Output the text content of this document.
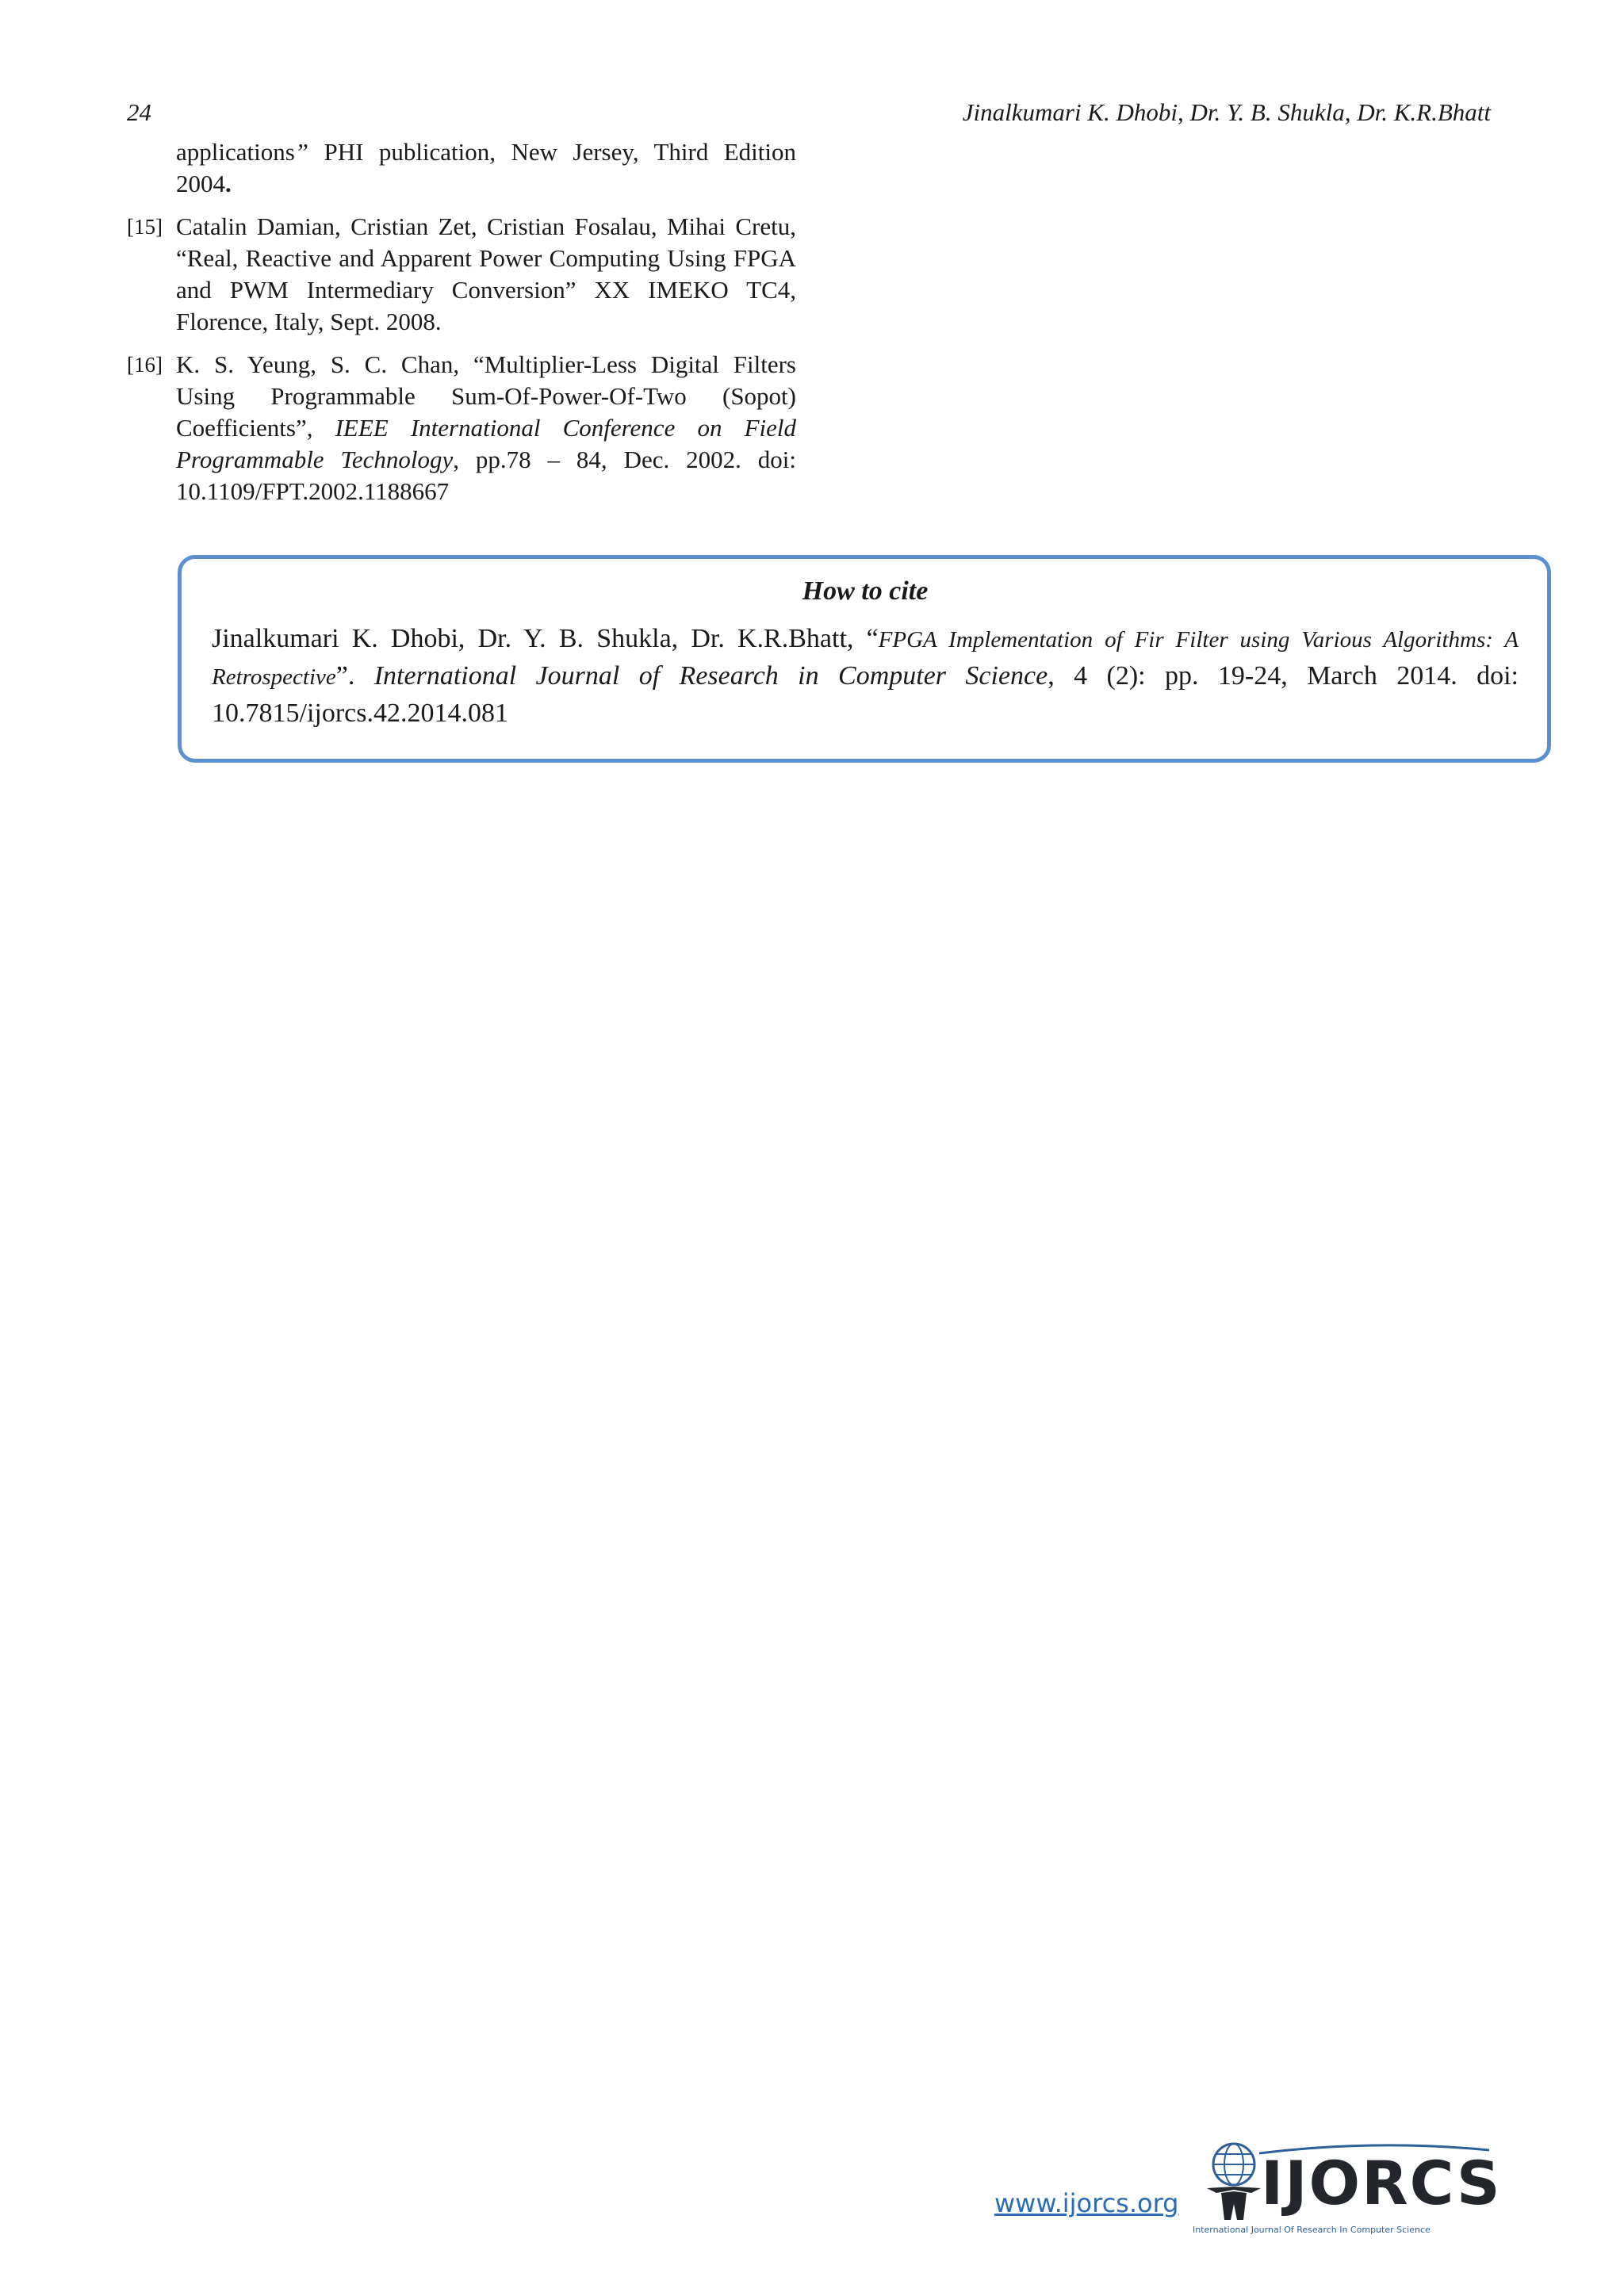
24	Jinalkumari K. Dhobi, Dr. Y. B. Shukla, Dr. K.R.Bhatt
applications” PHI publication, New Jersey, Third Edition 2004.
[15] Catalin Damian, Cristian Zet, Cristian Fosalau, Mihai Cretu, “Real, Reactive and Apparent Power Computing Using FPGA and PWM Intermediary Conversion” XX IMEKO TC4, Florence, Italy, Sept. 2008.
[16] K. S. Yeung, S. C. Chan, “Multiplier-Less Digital Filters Using Programmable Sum-Of-Power-Of-Two (Sopot) Coefficients”, IEEE International Conference on Field Programmable Technology, pp.78 – 84, Dec. 2002. doi: 10.1109/FPT.2002.1188667
How to cite
Jinalkumari K. Dhobi, Dr. Y. B. Shukla, Dr. K.R.Bhatt, “FPGA Implementation of Fir Filter using Various Algorithms: A Retrospective”. International Journal of Research in Computer Science, 4 (2): pp. 19-24, March 2014. doi: 10.7815/ijorcs.42.2014.081
www.ijorcs.org IJORCS
International Journal Of Research In Computer Science
